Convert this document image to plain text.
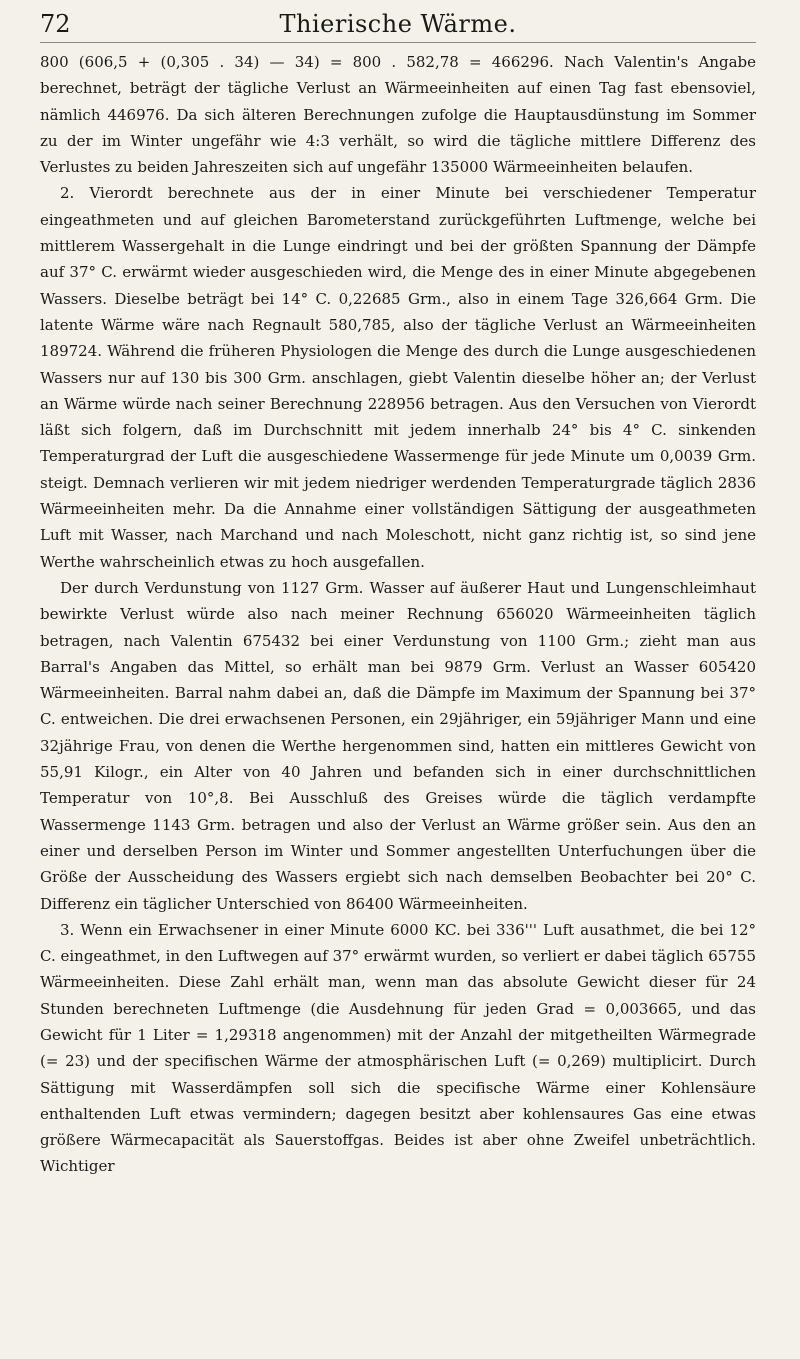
72	Thierische Wärme.

800 (606,5 + (0,305 . 34) — 34) = 800 . 582,78 = 466296. Nach Valentin's Angabe berechnet, beträgt der tägliche Verlust an Wärmeeinheiten auf einen Tag fast ebensoviel, nämlich 446976. Da sich älteren Berechnungen zufolge die Hauptausdünstung im Sommer zu der im Winter ungefähr wie 4:3 verhält, so wird die tägliche mittlere Differenz des Verlustes zu beiden Jahreszeiten sich auf ungefähr 135000 Wärmeeinheiten belaufen.

2. Vierordt berechnete aus der in einer Minute bei verschiedener Temperatur eingeathmeten und auf gleichen Barometerstand zurückgeführten Luftmenge, welche bei mittlerem Wassergehalt in die Lunge eindringt und bei der größten Spannung der Dämpfe auf 37° C. erwärmt wieder ausgeschieden wird, die Menge des in einer Minute abgegebenen Wassers. Dieselbe beträgt bei 14° C. 0,22685 Grm., also in einem Tage 326,664 Grm. Die latente Wärme wäre nach Regnault 580,785, also der tägliche Verlust an Wärmeeinheiten 189724. Während die früheren Physiologen die Menge des durch die Lunge ausgeschiedenen Wassers nur auf 130 bis 300 Grm. anschlagen, giebt Valentin dieselbe höher an; der Verlust an Wärme würde nach seiner Berechnung 228956 betragen. Aus den Versuchen von Vierordt läßt sich folgern, daß im Durchschnitt mit jedem innerhalb 24° bis 4° C. sinkenden Temperaturgrad der Luft die ausgeschiedene Wassermenge für jede Minute um 0,0039 Grm. steigt. Demnach verlieren wir mit jedem niedriger werdenden Temperaturgrade täglich 2836 Wärmeeinheiten mehr. Da die Annahme einer vollständigen Sättigung der ausgeathmeten Luft mit Wasser, nach Marchand und nach Moleschott, nicht ganz richtig ist, so sind jene Werthe wahrscheinlich etwas zu hoch ausgefallen.

Der durch Verdunstung von 1127 Grm. Wasser auf äußerer Haut und Lungenschleimhaut bewirkte Verlust würde also nach meiner Rechnung 656020 Wärmeeinheiten täglich betragen, nach Valentin 675432 bei einer Verdunstung von 1100 Grm.; zieht man aus Barral's Angaben das Mittel, so erhält man bei 9879 Grm. Verlust an Wasser 605420 Wärmeeinheiten. Barral nahm dabei an, daß die Dämpfe im Maximum der Spannung bei 37° C. entweichen. Die drei erwachsenen Personen, ein 29jähriger, ein 59jähriger Mann und eine 32jährige Frau, von denen die Werthe hergenommen sind, hatten ein mittleres Gewicht von 55,91 Kilogr., ein Alter von 40 Jahren und befanden sich in einer durchschnittlichen Temperatur von 10°,8. Bei Ausschluß des Greises würde die täglich verdampfte Wassermenge 1143 Grm. betragen und also der Verlust an Wärme größer sein. Aus den an einer und derselben Person im Winter und Sommer angestellten Unterfuchungen über die Größe der Ausscheidung des Wassers ergiebt sich nach demselben Beobachter bei 20° C. Differenz ein täglicher Unterschied von 86400 Wärmeeinheiten.

3. Wenn ein Erwachsener in einer Minute 6000 KC. bei 336''' Luft ausathmet, die bei 12° C. eingeathmet, in den Luftwegen auf 37° erwärmt wurden, so verliert er dabei täglich 65755 Wärmeeinheiten. Diese Zahl erhält man, wenn man das absolute Gewicht dieser für 24 Stunden berechneten Luftmenge (die Ausdehnung für jeden Grad = 0,003665, und das Gewicht für 1 Liter = 1,29318 angenommen) mit der Anzahl der mitgetheilten Wärmegrade (= 23) und der specifischen Wärme der atmosphärischen Luft (= 0,269) multiplicirt. Durch Sättigung mit Wasserdämpfen soll sich die specifische Wärme einer Kohlensäure enthaltenden Luft etwas vermindern; dagegen besitzt aber kohlensaures Gas eine etwas größere Wärmecapacität als Sauerstoffgas. Beides ist aber ohne Zweifel unbeträchtlich. Wichtiger
